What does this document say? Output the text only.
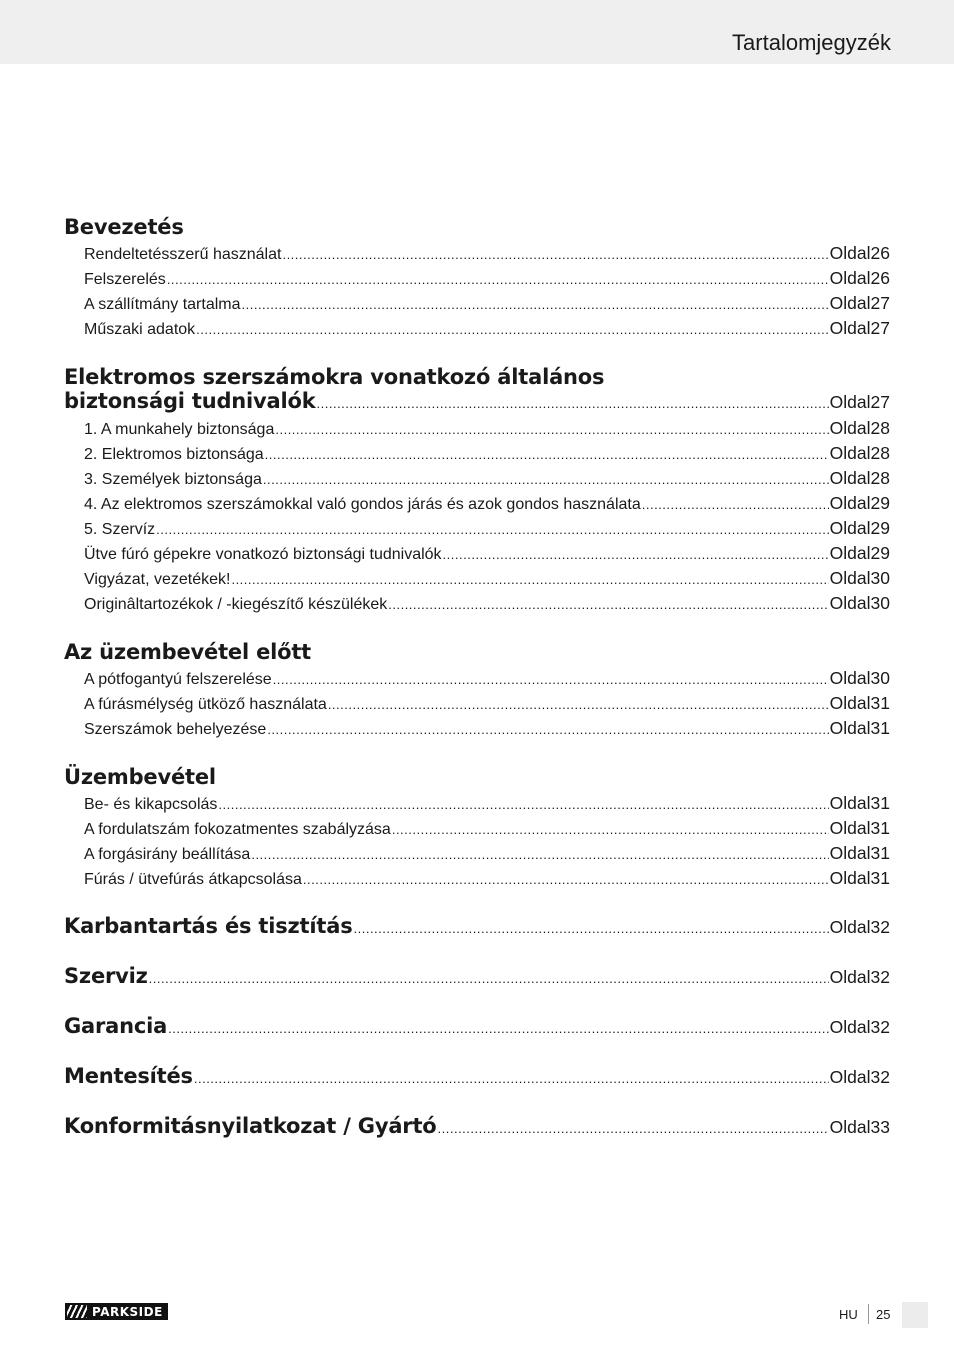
Tartalomjegyzék
Bevezetés
Rendeltetésszerű használat .....	Oldal 26
Felszerelés .....	Oldal 26
A szállítmány tartalma .....	Oldal 27
Műszaki adatok .....	Oldal 27
Elektromos szerszámokra vonatkozó általános
biztonsági tudnivalók .....	Oldal 27
1. A munkahely biztonsága .....	Oldal 28
2. Elektromos biztonsága .....	Oldal 28
3. Személyek biztonsága .....	Oldal 28
4. Az elektromos szerszámokkal való gondos járás és azok gondos használata .....	Oldal 29
5. Szervíz .....	Oldal 29
Ütve fúró gépekre vonatkozó biztonsági tudnivalók .....	Oldal 29
Vigyázat, vezetékek! .....	Oldal 30
Originâltartozékok / -kiegészítő készülékek .....	Oldal 30
Az üzembevétel előtt
A pótfogantyú felszerelése .....	Oldal 30
A fúrásmélység ütköző használata .....	Oldal 31
Szerszámok behelyezése .....	Oldal 31
Üzembevétel
Be- és kikapcsolás .....	Oldal 31
A fordulatszám fokozatmentes szabályzása .....	Oldal 31
A forgásirány beállítása .....	Oldal 31
Fúrás / ütvefúrás átkapcsolása .....	Oldal 31
Karbantartás és tisztítás .....	Oldal 32
Szerviz .....	Oldal 32
Garancia .....	Oldal 32
Mentesítés .....	Oldal 32
Konformitásnyilatkozat / Gyártó .....	Oldal 33
PARKSIDE	HU 25
